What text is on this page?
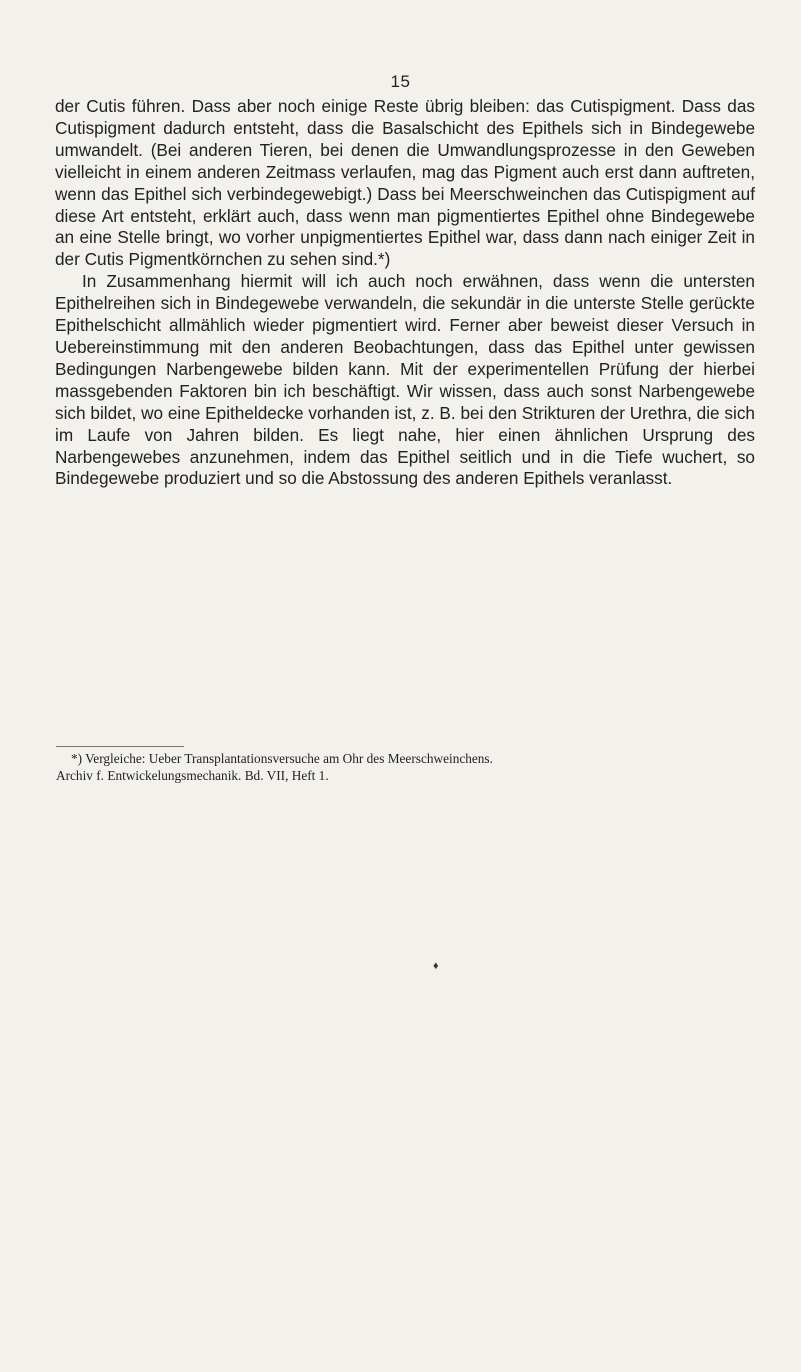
15

der Cutis führen. Dass aber noch einige Reste übrig bleiben: das Cutispigment. Dass das Cutispigment dadurch entsteht, dass die Basalschicht des Epithels sich in Bindegewebe umwandelt. (Bei anderen Tieren, bei denen die Umwandlungsprozesse in den Geweben vielleicht in einem anderen Zeitmass verlaufen, mag das Pigment auch erst dann auftreten, wenn das Epithel sich verbindegewebigt.) Dass bei Meerschweinchen das Cutispigment auf diese Art entsteht, erklärt auch, dass wenn man pigmentiertes Epithel ohne Bindegewebe an eine Stelle bringt, wo vorher unpigmentiertes Epithel war, dass dann nach einiger Zeit in der Cutis Pigmentkörnchen zu sehen sind.*)

In Zusammenhang hiermit will ich auch noch erwähnen, dass wenn die untersten Epithelreihen sich in Bindegewebe verwandeln, die sekundär in die unterste Stelle gerückte Epithelschicht allmählich wieder pigmentiert wird. Ferner aber beweist dieser Versuch in Uebereinstimmung mit den anderen Beobachtungen, dass das Epithel unter gewissen Bedingungen Narbengewebe bilden kann. Mit der experimentellen Prüfung der hierbei massgebenden Faktoren bin ich beschäftigt. Wir wissen, dass auch sonst Narbengewebe sich bildet, wo eine Epitheldecke vorhanden ist, z. B. bei den Strikturen der Urethra, die sich im Laufe von Jahren bilden. Es liegt nahe, hier einen ähnlichen Ursprung des Narbengewebes anzunehmen, indem das Epithel seitlich und in die Tiefe wuchert, so Bindegewebe produziert und so die Abstossung des anderen Epithels veranlasst.

*) Vergleiche: Ueber Transplantationsversuche am Ohr des Meerschweinchens.
Archiv f. Entwickelungsmechanik. Bd. VII, Heft 1.
♦
